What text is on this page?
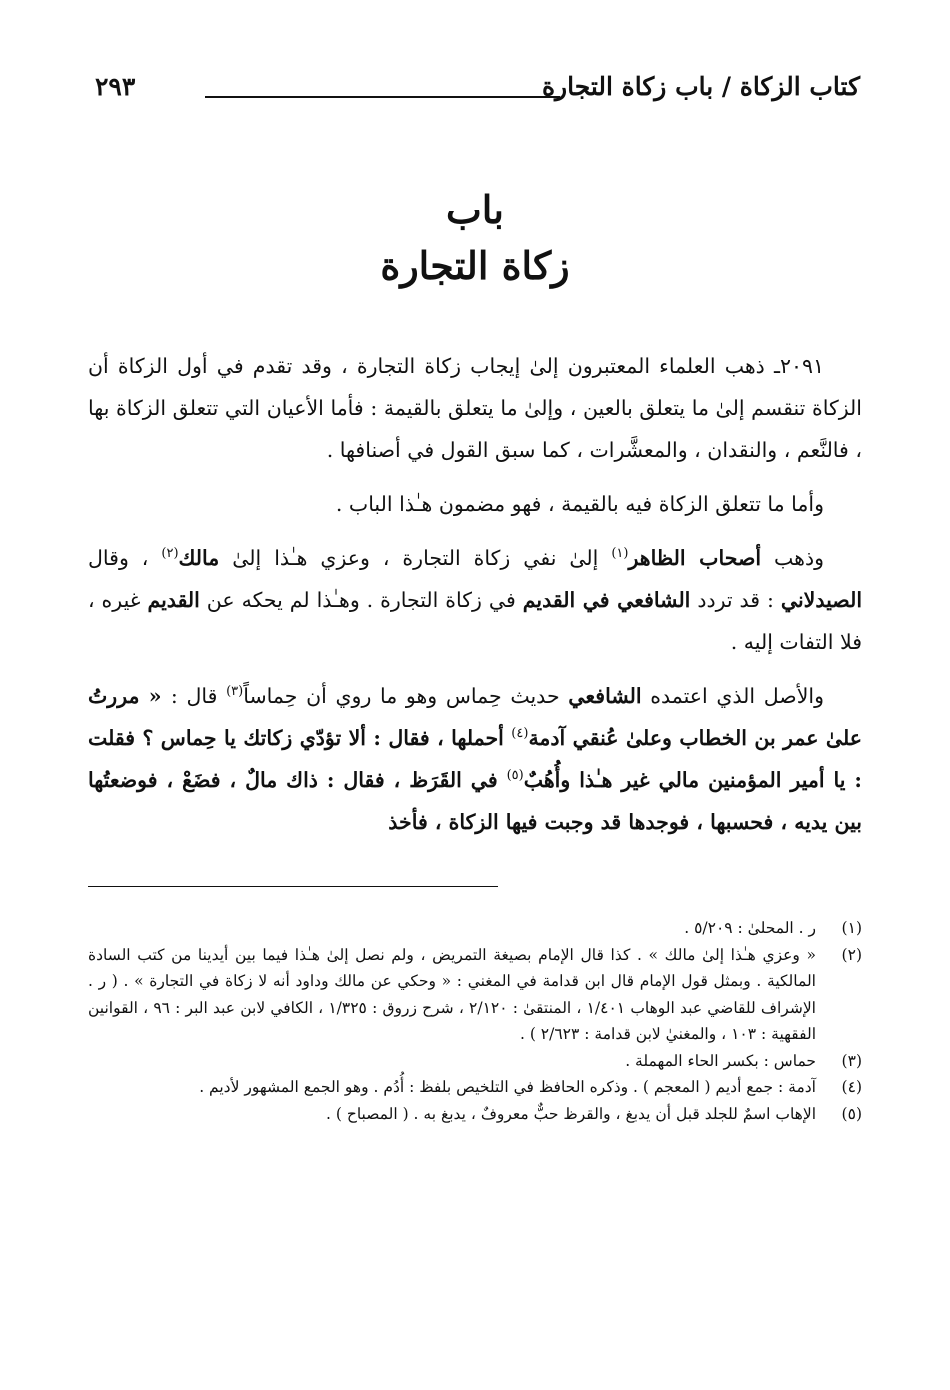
كتاب الزكاة / باب زكاة التجارة
٢٩٣
باب
زكاة التجارة

٢٠٩١ـ ذهب العلماء المعتبرون إلىٰ إيجاب زكاة التجارة ، وقد تقدم في أول الزكاة أن الزكاة تنقسم إلىٰ ما يتعلق بالعين ، وإلىٰ ما يتعلق بالقيمة : فأما الأعيان التي تتعلق الزكاة بها ، فالنَّعم ، والنقدان ، والمعشَّرات ، كما سبق القول في أصنافها .

وأما ما تتعلق الزكاة فيه بالقيمة ، فهو مضمون هـٰذا الباب .

وذهب أصحاب الظاهر$^{(١)}$ إلىٰ نفي زكاة التجارة ، وعزي هـٰذا إلىٰ مالك$^{(٢)}$ ، وقال الصيدلاني : قد تردد الشافعي في القديم في زكاة التجارة . وهـٰذا لم يحكه عن القديم غيره ، فلا التفات إليه .

والأصل الذي اعتمده الشافعي حديث حِماس وهو ما روي أن حِماساً$^{(٣)}$ قال : « مررتُ علىٰ عمر بن الخطاب وعلىٰ عُنقي آدمة$^{(٤)}$ أحملها ، فقال : ألا تؤدّي زكاتك يا حِماس ؟ فقلت : يا أمير المؤمنين مالي غير هـٰذا وأُهُبٌ$^{(٥)}$ في القَرَظ ، فقال : ذاك مالٌ ، فضَعْ ، فوضعتُها بين يديه ، فحسبها ، فوجدها قد وجبت فيها الزكاة ، فأخذ

(١)
ر . المحلىٰ : ٥/٢٠٩ .
(٢)
« وعزي هـٰذا إلىٰ مالك » . كذا قال الإمام بصيغة التمريض ، ولم نصل إلىٰ هـٰذا فيما بين أيدينا من كتب السادة المالكية . وبمثل قول الإمام قال ابن قدامة في المغني : « وحكي عن مالك وداود أنه لا زكاة في التجارة » . ( ر . الإشراف للقاضي عبد الوهاب ١/٤٠١ ، المنتقىٰ : ٢/١٢٠ ، شرح زروق : ١/٣٢٥ ، الكافي لابن عبد البر : ٩٦ ، القوانين الفقهية : ١٠٣ ، والمغنيٰ لابن قدامة : ٢/٦٢٣ ) .
(٣)
حماس : بكسر الحاء المهملة .
(٤)
آدمة : جمع أديم ( المعجم ) . وذكره الحافظ في التلخيص بلفظ : أُدُم . وهو الجمع المشهور لأديم .
(٥)
الإهاب اسمٌ للجلد قبل أن يدبغ ، والقرظ حبٌّ معروفٌ ، يدبغ به . ( المصباح ) .
